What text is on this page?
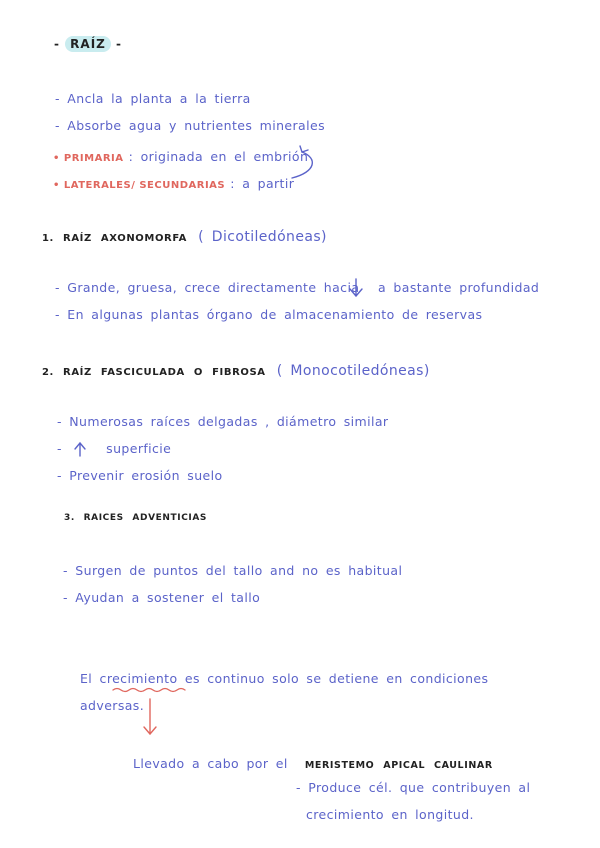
- RAÍZ -
- Ancla la planta a la tierra
- Absorbe agua y nutrientes minerales
• PRIMARIA : originada en el embrión
• LATERALES/ SECUNDARIAS : a partir
1. RAÍZ AXONOMORFA ( Dicotiledóneas)
- Grande, gruesa, crece directamente hacia a bastante profundidad
- En algunas plantas órgano de almacenamiento de reservas
2. RAÍZ FASCICULADA O FIBROSA ( Monocotiledóneas)
- Numerosas raíces delgadas , diámetro similar
-      superficie
- Prevenir erosión suelo
3. RAICES ADVENTICIAS
- Surgen de puntos del tallo and no es habitual
- Ayudan a sostener el tallo
El crecimiento es continuo solo se detiene en condiciones
adversas.
Llevado a cabo por el MERISTEMO APICAL CAULINAR
- Produce cél. que contribuyen al
crecimiento en longitud.
